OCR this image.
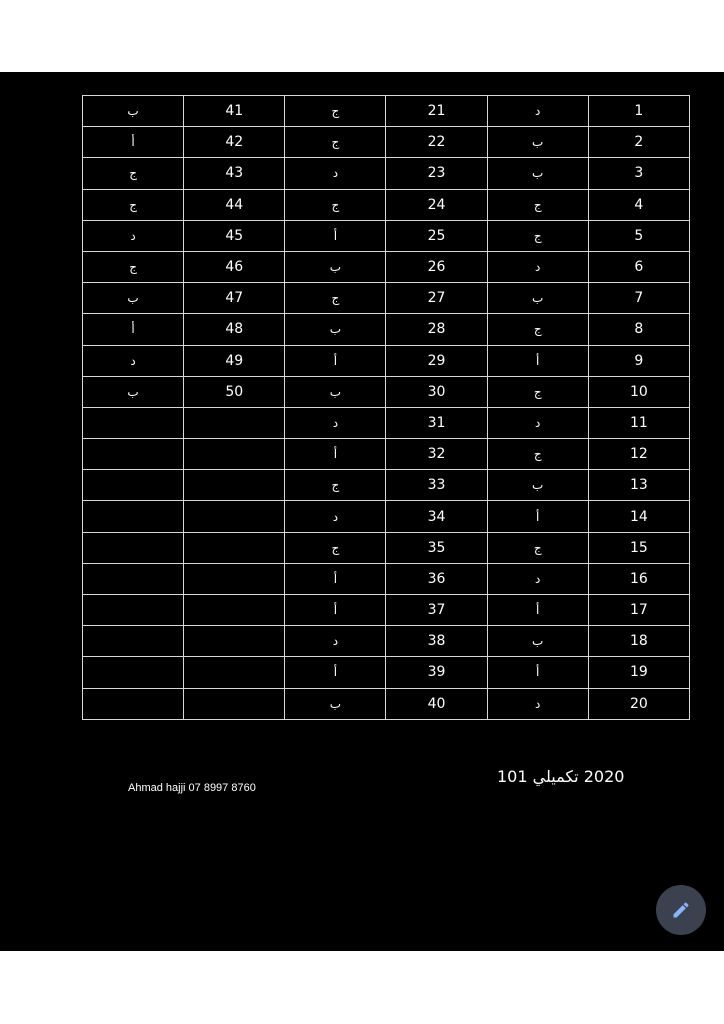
ب	41	ج	21	د	1
أ	42	ج	22	ب	2
ج	43	د	23	ب	3
ج	44	ج	24	ج	4
د	45	أ	25	ج	5
ج	46	ب	26	د	6
ب	47	ج	27	ب	7
أ	48	ب	28	ج	8
د	49	أ	29	أ	9
ب	50	ب	30	ج	10
		د	31	د	11
		أ	32	ج	12
		ج	33	ب	13
		د	34	أ	14
		ج	35	ج	15
		أ	36	د	16
		أ	37	أ	17
		د	38	ب	18
		أ	39	أ	19
		ب	40	د	20
2020 تكميلي 101
Ahmad hajji 07 8997 8760
